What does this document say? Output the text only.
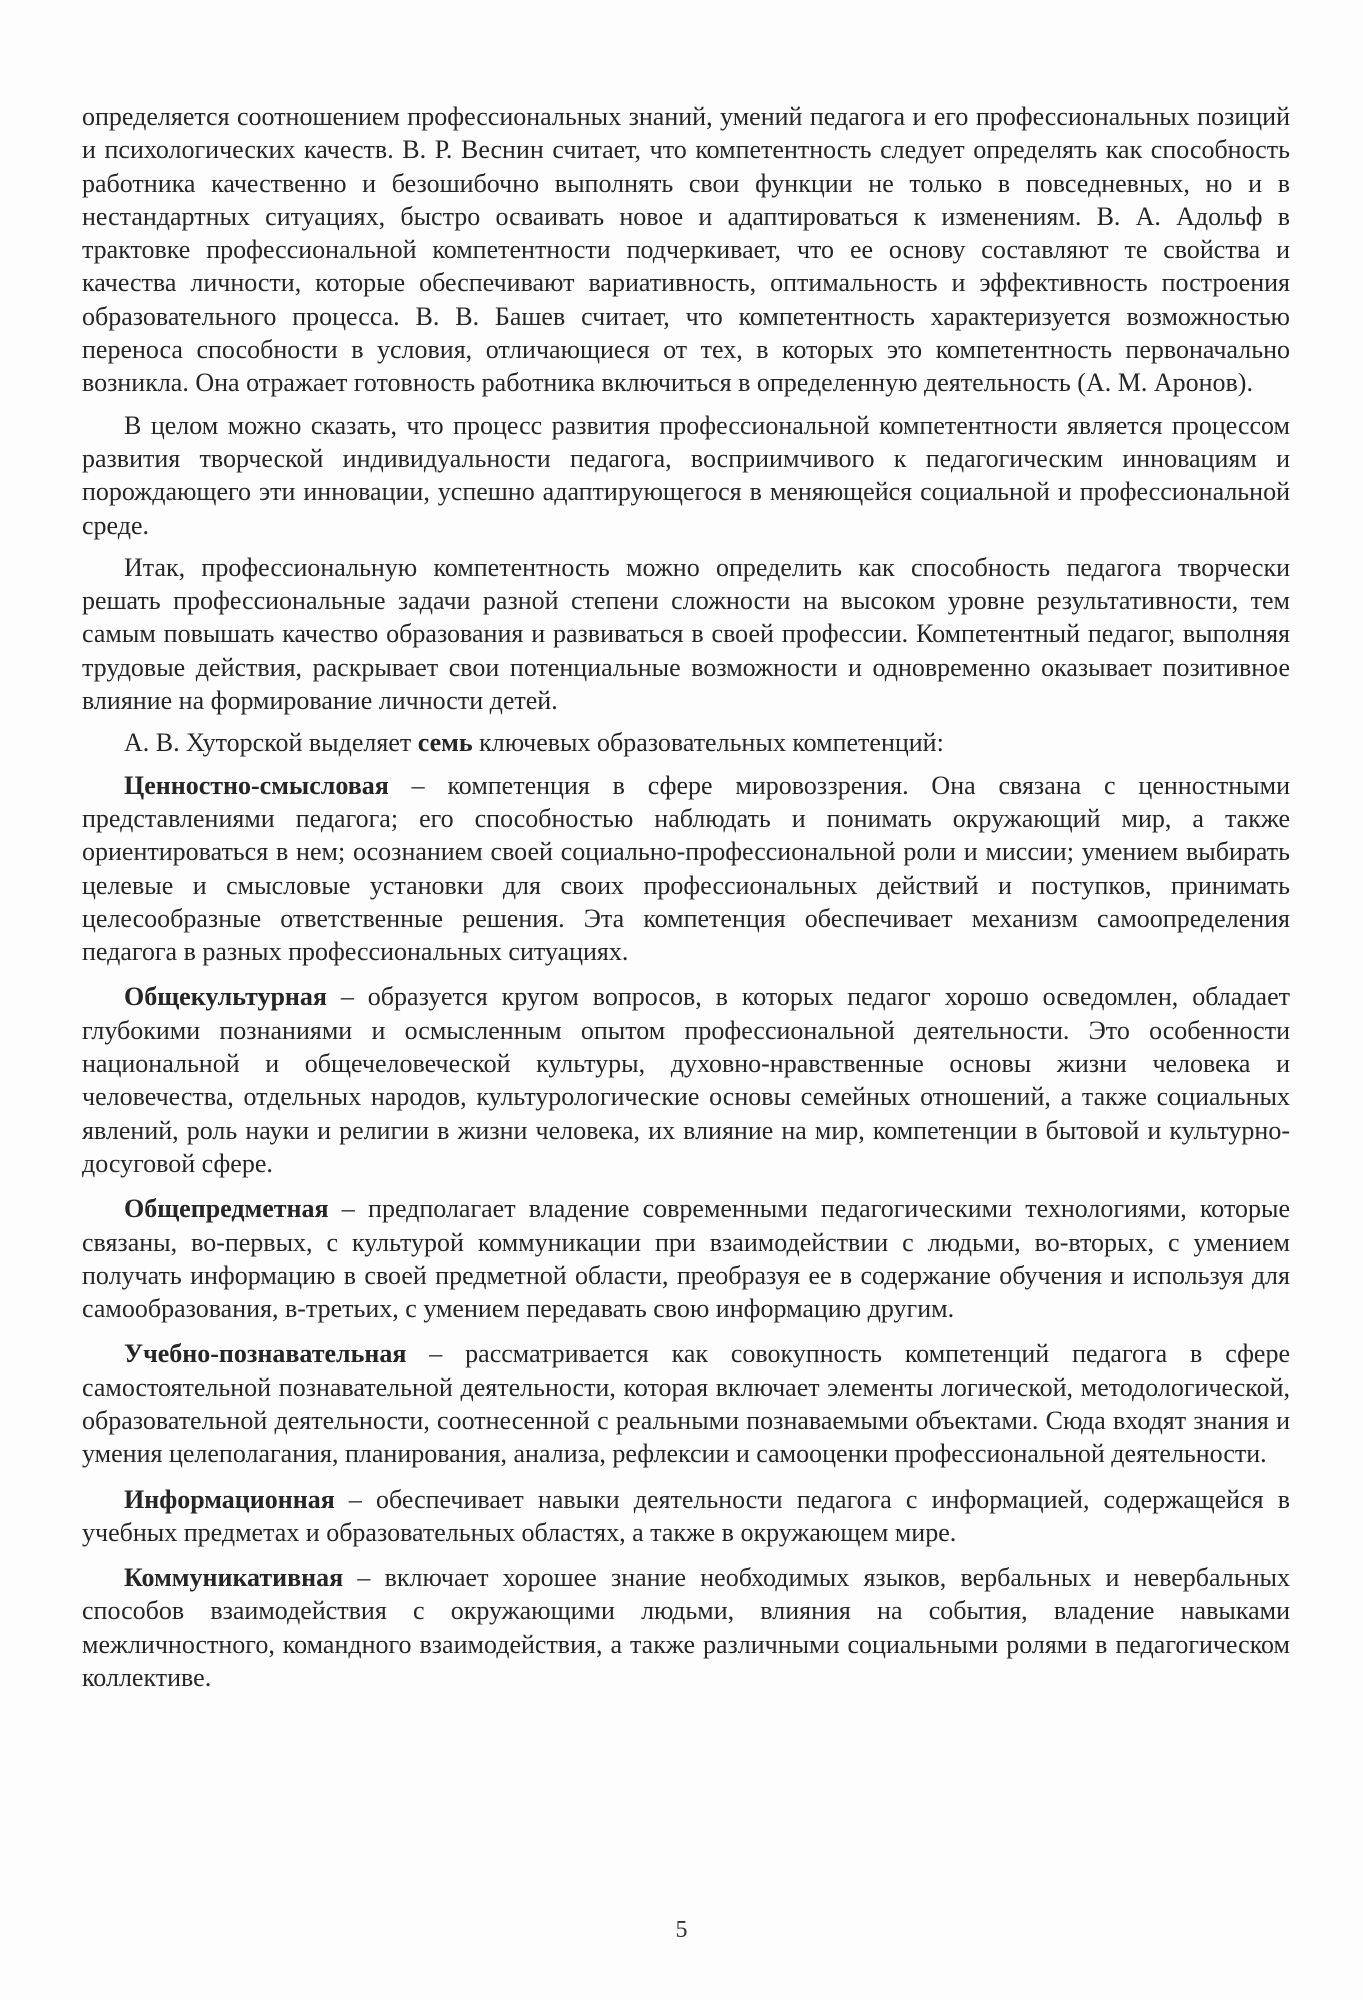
определяется соотношением профессиональных знаний, умений педагога и его профессиональных позиций и психологических качеств. В. Р. Веснин считает, что компетентность следует определять как способность работника качественно и безошибочно выполнять свои функции не только в повседневных, но и в нестандартных ситуациях, быстро осваивать новое и адаптироваться к изменениям. В. А. Адольф в трактовке профессиональной компетентности подчеркивает, что ее основу составляют те свойства и качества личности, которые обеспечивают вариативность, оптимальность и эффективность построения образовательного процесса. В. В. Башев считает, что компетентность характеризуется возможностью переноса способности в условия, отличающиеся от тех, в которых это компетентность первоначально возникла. Она отражает готовность работника включиться в определенную деятельность (А. М. Аронов).

В целом можно сказать, что процесс развития профессиональной компетентности является процессом развития творческой индивидуальности педагога, восприимчивого к педагогическим инновациям и порождающего эти инновации, успешно адаптирующегося в меняющейся социальной и профессиональной среде.

Итак, профессиональную компетентность можно определить как способность педагога творчески решать профессиональные задачи разной степени сложности на высоком уровне результативности, тем самым повышать качество образования и развиваться в своей профессии. Компетентный педагог, выполняя трудовые действия, раскрывает свои потенциальные возможности и одновременно оказывает позитивное влияние на формирование личности детей.

А. В. Хуторской выделяет семь ключевых образовательных компетенций:

Ценностно-смысловая – компетенция в сфере мировоззрения. Она связана с ценностными представлениями педагога; его способностью наблюдать и понимать окружающий мир, а также ориентироваться в нем; осознанием своей социально-профессиональной роли и миссии; умением выбирать целевые и смысловые установки для своих профессиональных действий и поступков, принимать целесообразные ответственные решения. Эта компетенция обеспечивает механизм самоопределения педагога в разных профессиональных ситуациях.

Общекультурная – образуется кругом вопросов, в которых педагог хорошо осведомлен, обладает глубокими познаниями и осмысленным опытом профессиональной деятельности. Это особенности национальной и общечеловеческой культуры, духовно-нравственные основы жизни человека и человечества, отдельных народов, культурологические основы семейных отношений, а также социальных явлений, роль науки и религии в жизни человека, их влияние на мир, компетенции в бытовой и культурно-досуговой сфере.

Общепредметная – предполагает владение современными педагогическими технологиями, которые связаны, во-первых, с культурой коммуникации при взаимодействии с людьми, во-вторых, с умением получать информацию в своей предметной области, преобразуя ее в содержание обучения и используя для самообразования, в-третьих, с умением передавать свою информацию другим.

Учебно-познавательная – рассматривается как совокупность компетенций педагога в сфере самостоятельной познавательной деятельности, которая включает элементы логической, методологической, образовательной деятельности, соотнесенной с реальными познаваемыми объектами. Сюда входят знания и умения целеполагания, планирования, анализа, рефлексии и самооценки профессиональной деятельности.

Информационная – обеспечивает навыки деятельности педагога с информацией, содержащейся в учебных предметах и образовательных областях, а также в окружающем мире.

Коммуникативная – включает хорошее знание необходимых языков, вербальных и невербальных способов взаимодействия с окружающими людьми, влияния на события, владение навыками межличностного, командного взаимодействия, а также различными социальными ролями в педагогическом коллективе.

5
